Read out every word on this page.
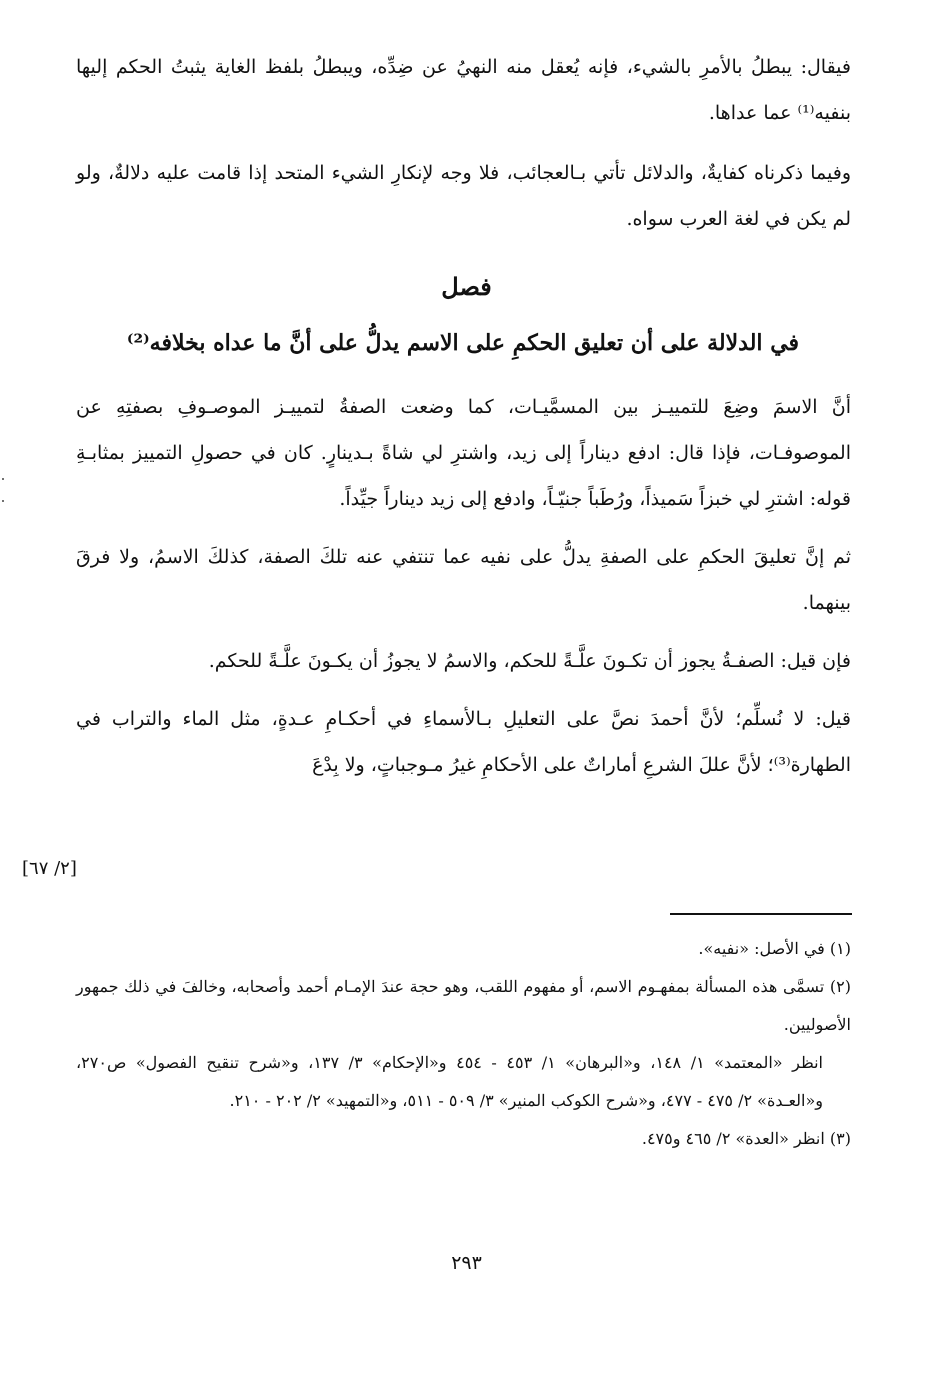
فيقال: يبطلُ بالأمرِ بالشيء، فإنه يُعقل منه النهيُ عن ضِدِّه، ويبطلُ بلفظ الغاية يثبتُ الحكم إليها بنفيه⁽¹⁾ عما عداها.

وفيما ذكرناه كفايةٌ، والدلائل تأتي بـالعجائب، فلا وجه لإنكارِ الشيء المتحد إذا قامت عليه دلالةٌ، ولو لم يكن في لغة العرب سواه.

فصل
في الدلالة على أن تعليق الحكمِ على الاسم يدلُّ على أنَّ ما عداه بخلافه⁽²⁾

أنَّ الاسمَ وضِعَ للتمييـز بين المسمَّيـات، كما وضعت الصفةُ لتمييـز الموصـوفِ بصفتِهِ عن الموصوفـات، فإذا قال: ادفع ديناراً إلى زيد، واشترِ لي شاةً بـدينارٍ. كان في حصولِ التمييز بمثابـةِ قوله: اشترِ لي خبزاً سَميذاً، ورُطَباً جنيّـاً، وادفع إلى زيد ديناراً جيِّداً.

ثم إنَّ تعليقَ الحكمِ على الصفةِ يدلُّ على نفيه عما تنتفي عنه تلكَ الصفة، كذلكَ الاسمُ، ولا فرقَ بينهما.

فإن قيل: الصفـةُ يجوز أن تكـونَ علَّـةً للحكم، والاسمُ لا يجوزُ أن يكـونَ علَّـةً للحكم.

قيل: لا نُسلِّم؛ لأنَّ أحمدَ نصَّ على التعليلِ بـالأسماءِ في أحكـامِ عـدةٍ، مثل الماء والتراب في الطهارة⁽³⁾؛ لأنَّ عللَ الشرعِ أماراتٌ على الأحكامِ غيرُ مـوجباتٍ، ولا بِدْعَ

[٢/ ٦٧]

(١) في الأصل: «نفيه».

(٢) تسمَّى هذه المسألة بمفهـوم الاسم، أو مفهوم اللقب، وهو حجة عندَ الإمـام أحمد وأصحابه، وخالفَ في ذلك جمهور الأصوليين.

انظر «المعتمد» ١/ ١٤٨، و«البرهان» ١/ ٤٥٣ - ٤٥٤ و«الإحكام» ٣/ ١٣٧، و«شرح تنقيح الفصول» ص٢٧٠، و«العـدة» ٢/ ٤٧٥ - ٤٧٧، و«شرح الكوكب المنير» ٣/ ٥٠٩ - ٥١١، و«التمهيد» ٢/ ٢٠٢ - ٢١٠.

(٣) انظر «العدة» ٢/ ٤٦٥ و٤٧٥.

٢٩٣
